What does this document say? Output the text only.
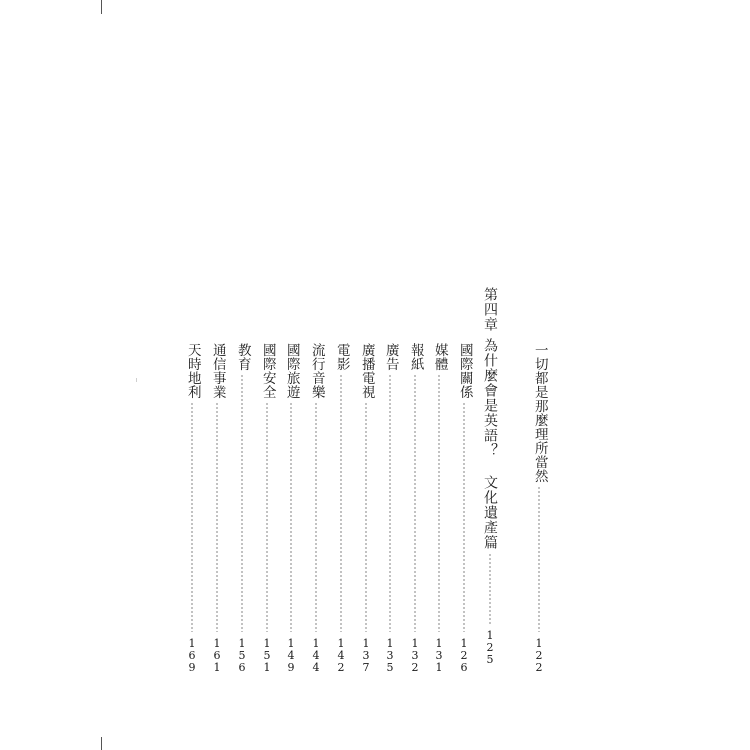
一切都是那麼理所當然
122
第四章
為什麼會是英語？ 文化遺產篇
125
國際關係
126
媒體
131
報紙
132
廣告
135
廣播電視
137
電影
142
流行音樂
144
國際旅遊
149
國際安全
151
教育
156
通信事業
161
天時地利
169
